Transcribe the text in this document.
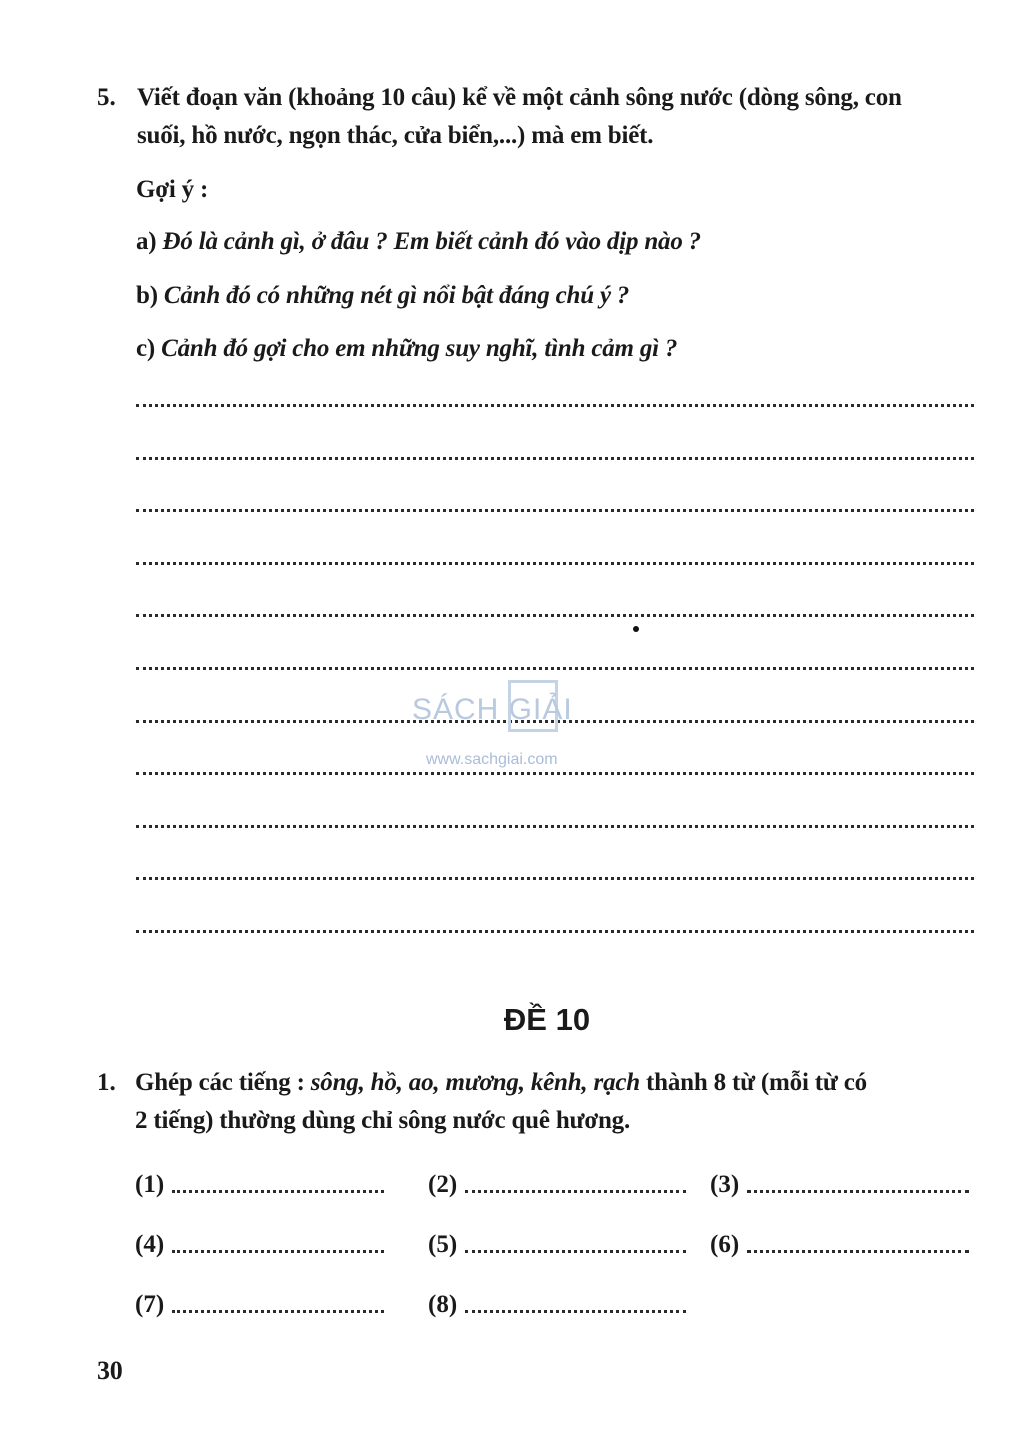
5. Viết đoạn văn (khoảng 10 câu) kể về một cảnh sông nước (dòng sông, con
suối, hồ nước, ngọn thác, cửa biển,...) mà em biết.
Gợi ý :
a) Đó là cảnh gì, ở đâu ? Em biết cảnh đó vào dịp nào ?
b) Cảnh đó có những nét gì nổi bật đáng chú ý ?
c) Cảnh đó gợi cho em những suy nghĩ, tình cảm gì ?
SÁCH GIẢI
www.sachgiai.com
ĐỀ 10
1. Ghép các tiếng : sông, hồ, ao, mương, kênh, rạch thành 8 từ (mỗi từ có
2 tiếng) thường dùng chỉ sông nước quê hương.
(1)	(2)	(3)
(4)	(5)	(6)
(7)	(8)
30
